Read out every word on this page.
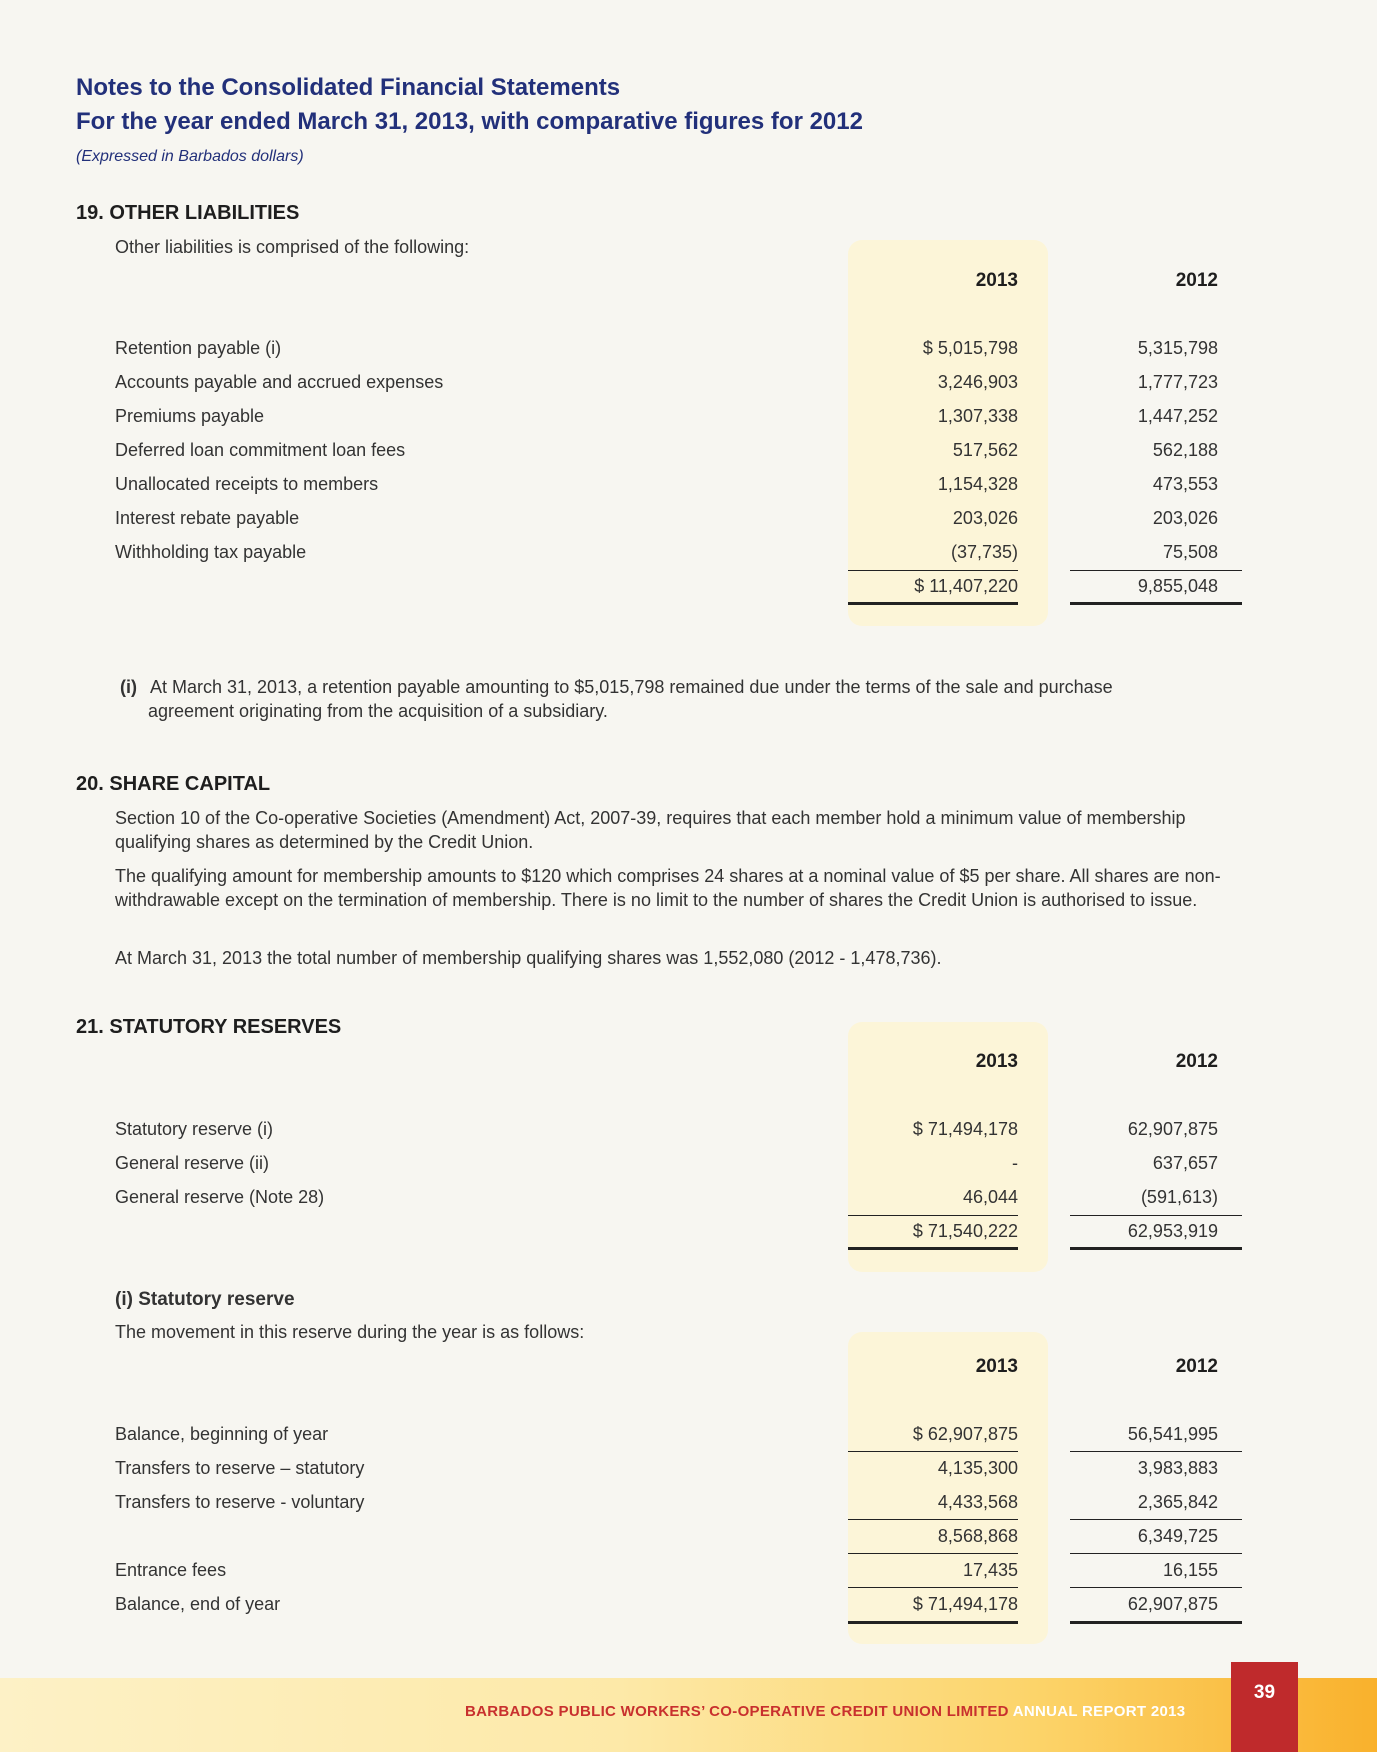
Notes to the Consolidated Financial Statements
For the year ended March 31, 2013, with comparative figures for 2012
(Expressed in Barbados dollars)
19. OTHER LIABILITIES
Other liabilities is comprised of the following:
2013	2012
Retention payable (i)	$ 5,015,798	5,315,798
Accounts payable and accrued expenses	3,246,903	1,777,723
Premiums payable	1,307,338	1,447,252
Deferred loan commitment loan fees	517,562	562,188
Unallocated receipts to members	1,154,328	473,553
Interest rebate payable	203,026	203,026
Withholding tax payable	(37,735)	75,508
$ 11,407,220	9,855,048
(i) At March 31, 2013, a retention payable amounting to $5,015,798 remained due under the terms of the sale and purchase
agreement originating from the acquisition of a subsidiary.
20. SHARE CAPITAL
Section 10 of the Co-operative Societies (Amendment) Act, 2007-39, requires that each member hold a minimum value of membership qualifying shares as determined by the Credit Union.
The qualifying amount for membership amounts to $120 which comprises 24 shares at a nominal value of $5 per share. All shares are non-withdrawable except on the termination of membership. There is no limit to the number of shares the Credit Union is authorised to issue.
At March 31, 2013 the total number of membership qualifying shares was 1,552,080 (2012 - 1,478,736).
21. STATUTORY RESERVES
2013	2012
Statutory reserve (i)	$ 71,494,178	62,907,875
General reserve (ii)	-	637,657
General reserve (Note 28)	46,044	(591,613)
$ 71,540,222	62,953,919
(i) Statutory reserve
The movement in this reserve during the year is as follows:
2013	2012
Balance, beginning of year	$ 62,907,875	56,541,995
Transfers to reserve – statutory	4,135,300	3,983,883
Transfers to reserve - voluntary	4,433,568	2,365,842
8,568,868	6,349,725
Entrance fees	17,435	16,155
Balance, end of year	$ 71,494,178	62,907,875
BARBADOS PUBLIC WORKERS’ CO-OPERATIVE CREDIT UNION LIMITED ANNUAL REPORT 2013
39
